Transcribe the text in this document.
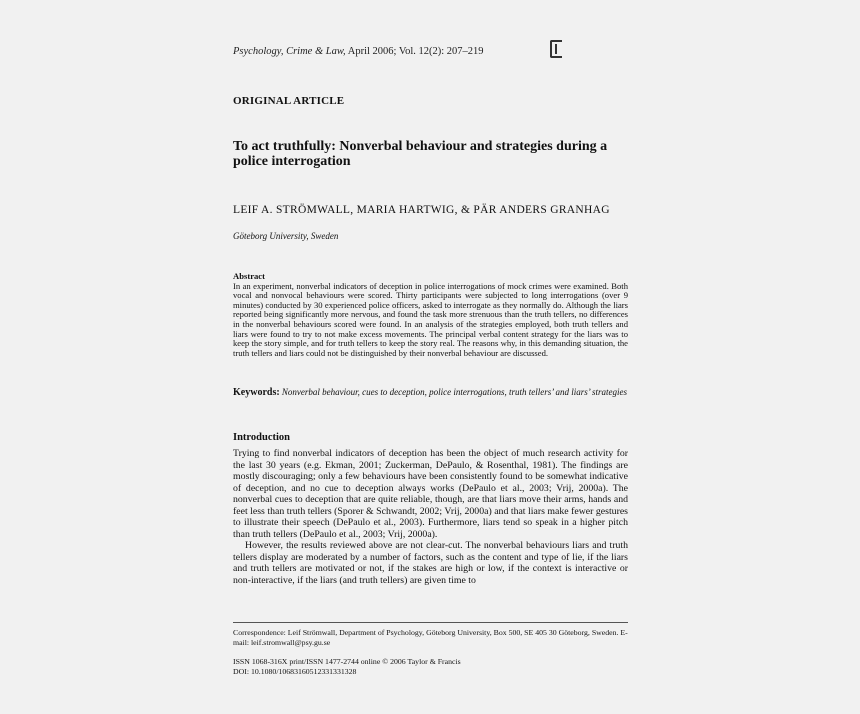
Psychology, Crime & Law, April 2006; Vol. 12(2): 207–219
ORIGINAL ARTICLE
To act truthfully: Nonverbal behaviour and strategies during a police interrogation
LEIF A. STRÖMWALL, MARIA HARTWIG, & PÄR ANDERS GRANHAG
Göteborg University, Sweden
Abstract
In an experiment, nonverbal indicators of deception in police interrogations of mock crimes were examined. Both vocal and nonvocal behaviours were scored. Thirty participants were subjected to long interrogations (over 9 minutes) conducted by 30 experienced police officers, asked to interrogate as they normally do. Although the liars reported being significantly more nervous, and found the task more strenuous than the truth tellers, no differences in the nonverbal behaviours scored were found. In an analysis of the strategies employed, both truth tellers and liars were found to try to not make excess movements. The principal verbal content strategy for the liars was to keep the story simple, and for truth tellers to keep the story real. The reasons why, in this demanding situation, the truth tellers and liars could not be distinguished by their nonverbal behaviour are discussed.
Keywords: Nonverbal behaviour, cues to deception, police interrogations, truth tellers’ and liars’ strategies
Introduction

Trying to find nonverbal indicators of deception has been the object of much research activity for the last 30 years (e.g. Ekman, 2001; Zuckerman, DePaulo, & Rosenthal, 1981). The findings are mostly discouraging; only a few behaviours have been consistently found to be somewhat indicative of deception, and no cue to deception always works (DePaulo et al., 2003; Vrij, 2000a). The nonverbal cues to deception that are quite reliable, though, are that liars move their arms, hands and feet less than truth tellers (Sporer & Schwandt, 2002; Vrij, 2000a) and that liars make fewer gestures to illustrate their speech (DePaulo et al., 2003). Furthermore, liars tend so speak in a higher pitch than truth tellers (DePaulo et al., 2003; Vrij, 2000a).

However, the results reviewed above are not clear-cut. The nonverbal behaviours liars and truth tellers display are moderated by a number of factors, such as the content and type of lie, if the liars and truth tellers are motivated or not, if the stakes are high or low, if the context is interactive or non-interactive, if the liars (and truth tellers) are given time to

Correspondence: Leif Strömwall, Department of Psychology, Göteborg University, Box 500, SE 405 30 Göteborg, Sweden. E-mail: leif.stromwall@psy.gu.se
ISSN 1068-316X print/ISSN 1477-2744 online © 2006 Taylor & Francis
DOI: 10.1080/10683160512331331328
